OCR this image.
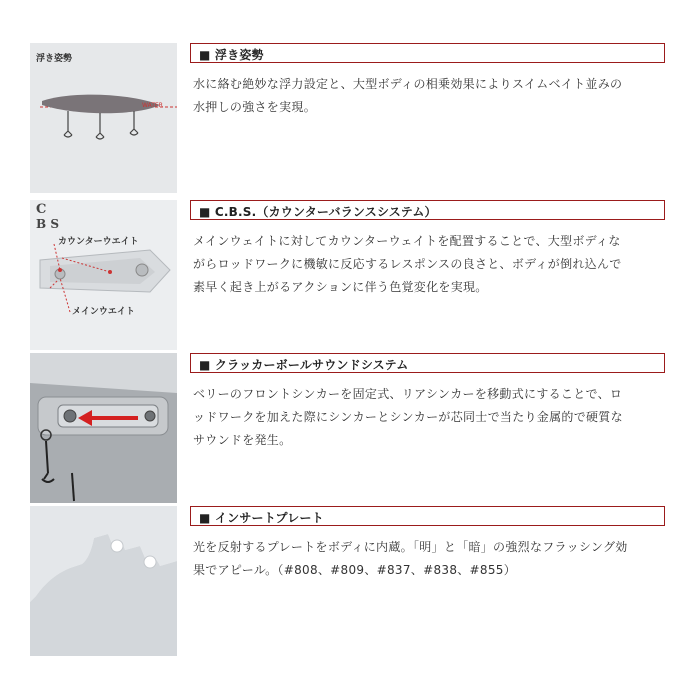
浮き姿勢
WATER
■ 浮き姿勢
水に絡む絶妙な浮力設定と、大型ボディの相乗効果によりスイムベイト並みの
水押しの強さを実現。
C
B S
カウンターウエイト
メインウエイト
■ C.B.S.（カウンターバランスシステム）
メインウェイトに対してカウンターウェイトを配置することで、大型ボディな
がらロッドワークに機敏に反応するレスポンスの良さと、ボディが倒れ込んで
素早く起き上がるアクションに伴う色覚変化を実現。
■ クラッカーボールサウンドシステム
ベリーのフロントシンカーを固定式、リアシンカーを移動式にすることで、ロ
ッドワークを加えた際にシンカーとシンカーが芯同士で当たり金属的で硬質な
サウンドを発生。
■ インサートプレート
光を反射するプレートをボディに内蔵。「明」と「暗」の強烈なフラッシング効
果でアピール。（#808、#809、#837、#838、#855）
